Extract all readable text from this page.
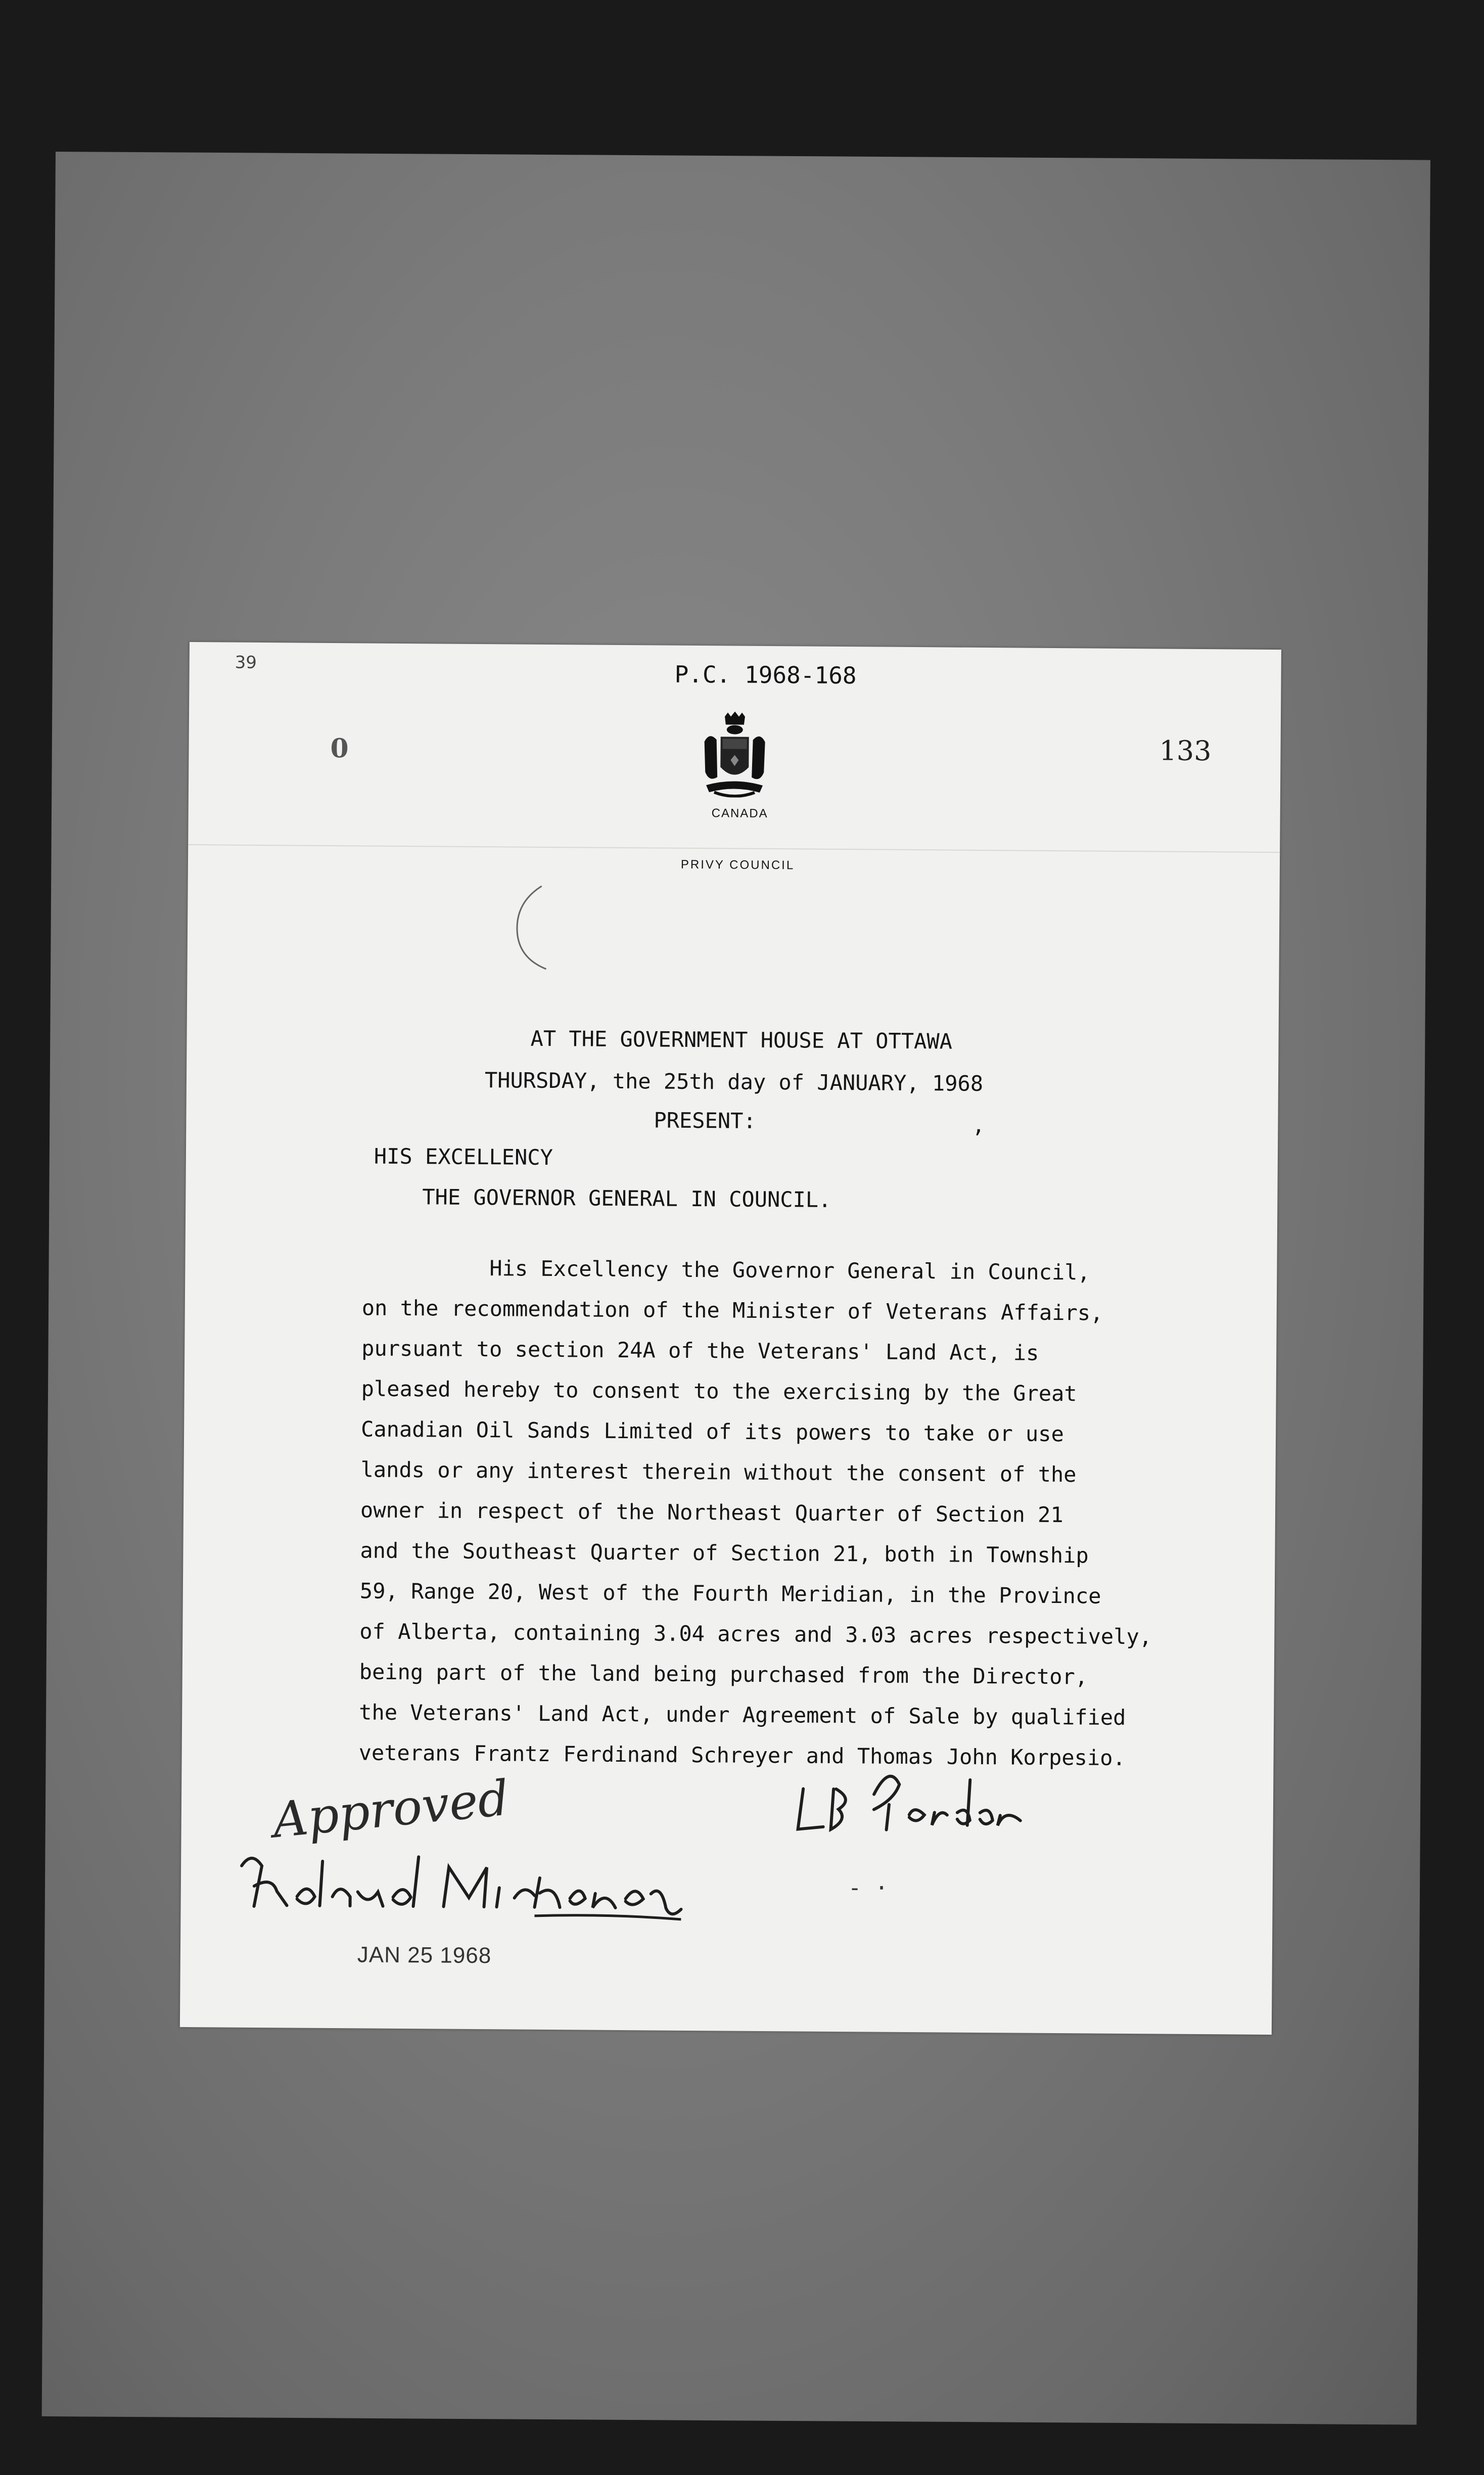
39	P.C. 1968-168
0	133
CANADA
PRIVY COUNCIL
AT THE GOVERNMENT HOUSE AT OTTAWA
THURSDAY, the 25th day of JANUARY, 1968
PRESENT:	,
HIS EXCELLENCY
THE GOVERNOR GENERAL IN COUNCIL.
His Excellency the Governor General in Council,
on the recommendation of the Minister of Veterans Affairs,
pursuant to section 24A of the Veterans' Land Act, is
pleased hereby to consent to the exercising by the Great
Canadian Oil Sands Limited of its powers to take or use
lands or any interest therein without the consent of the
owner in respect of the Northeast Quarter of Section 21
and the Southeast Quarter of Section 21, both in Township
59, Range 20, West of the Fourth Meridian, in the Province
of Alberta, containing 3.04 acres and 3.03 acres respectively,
being part of the land being purchased from the Director,
the Veterans' Land Act, under Agreement of Sale by qualified
veterans Frantz Ferdinand Schreyer and Thomas John Korpesio.
Approved
- ·
JAN 25 1968
